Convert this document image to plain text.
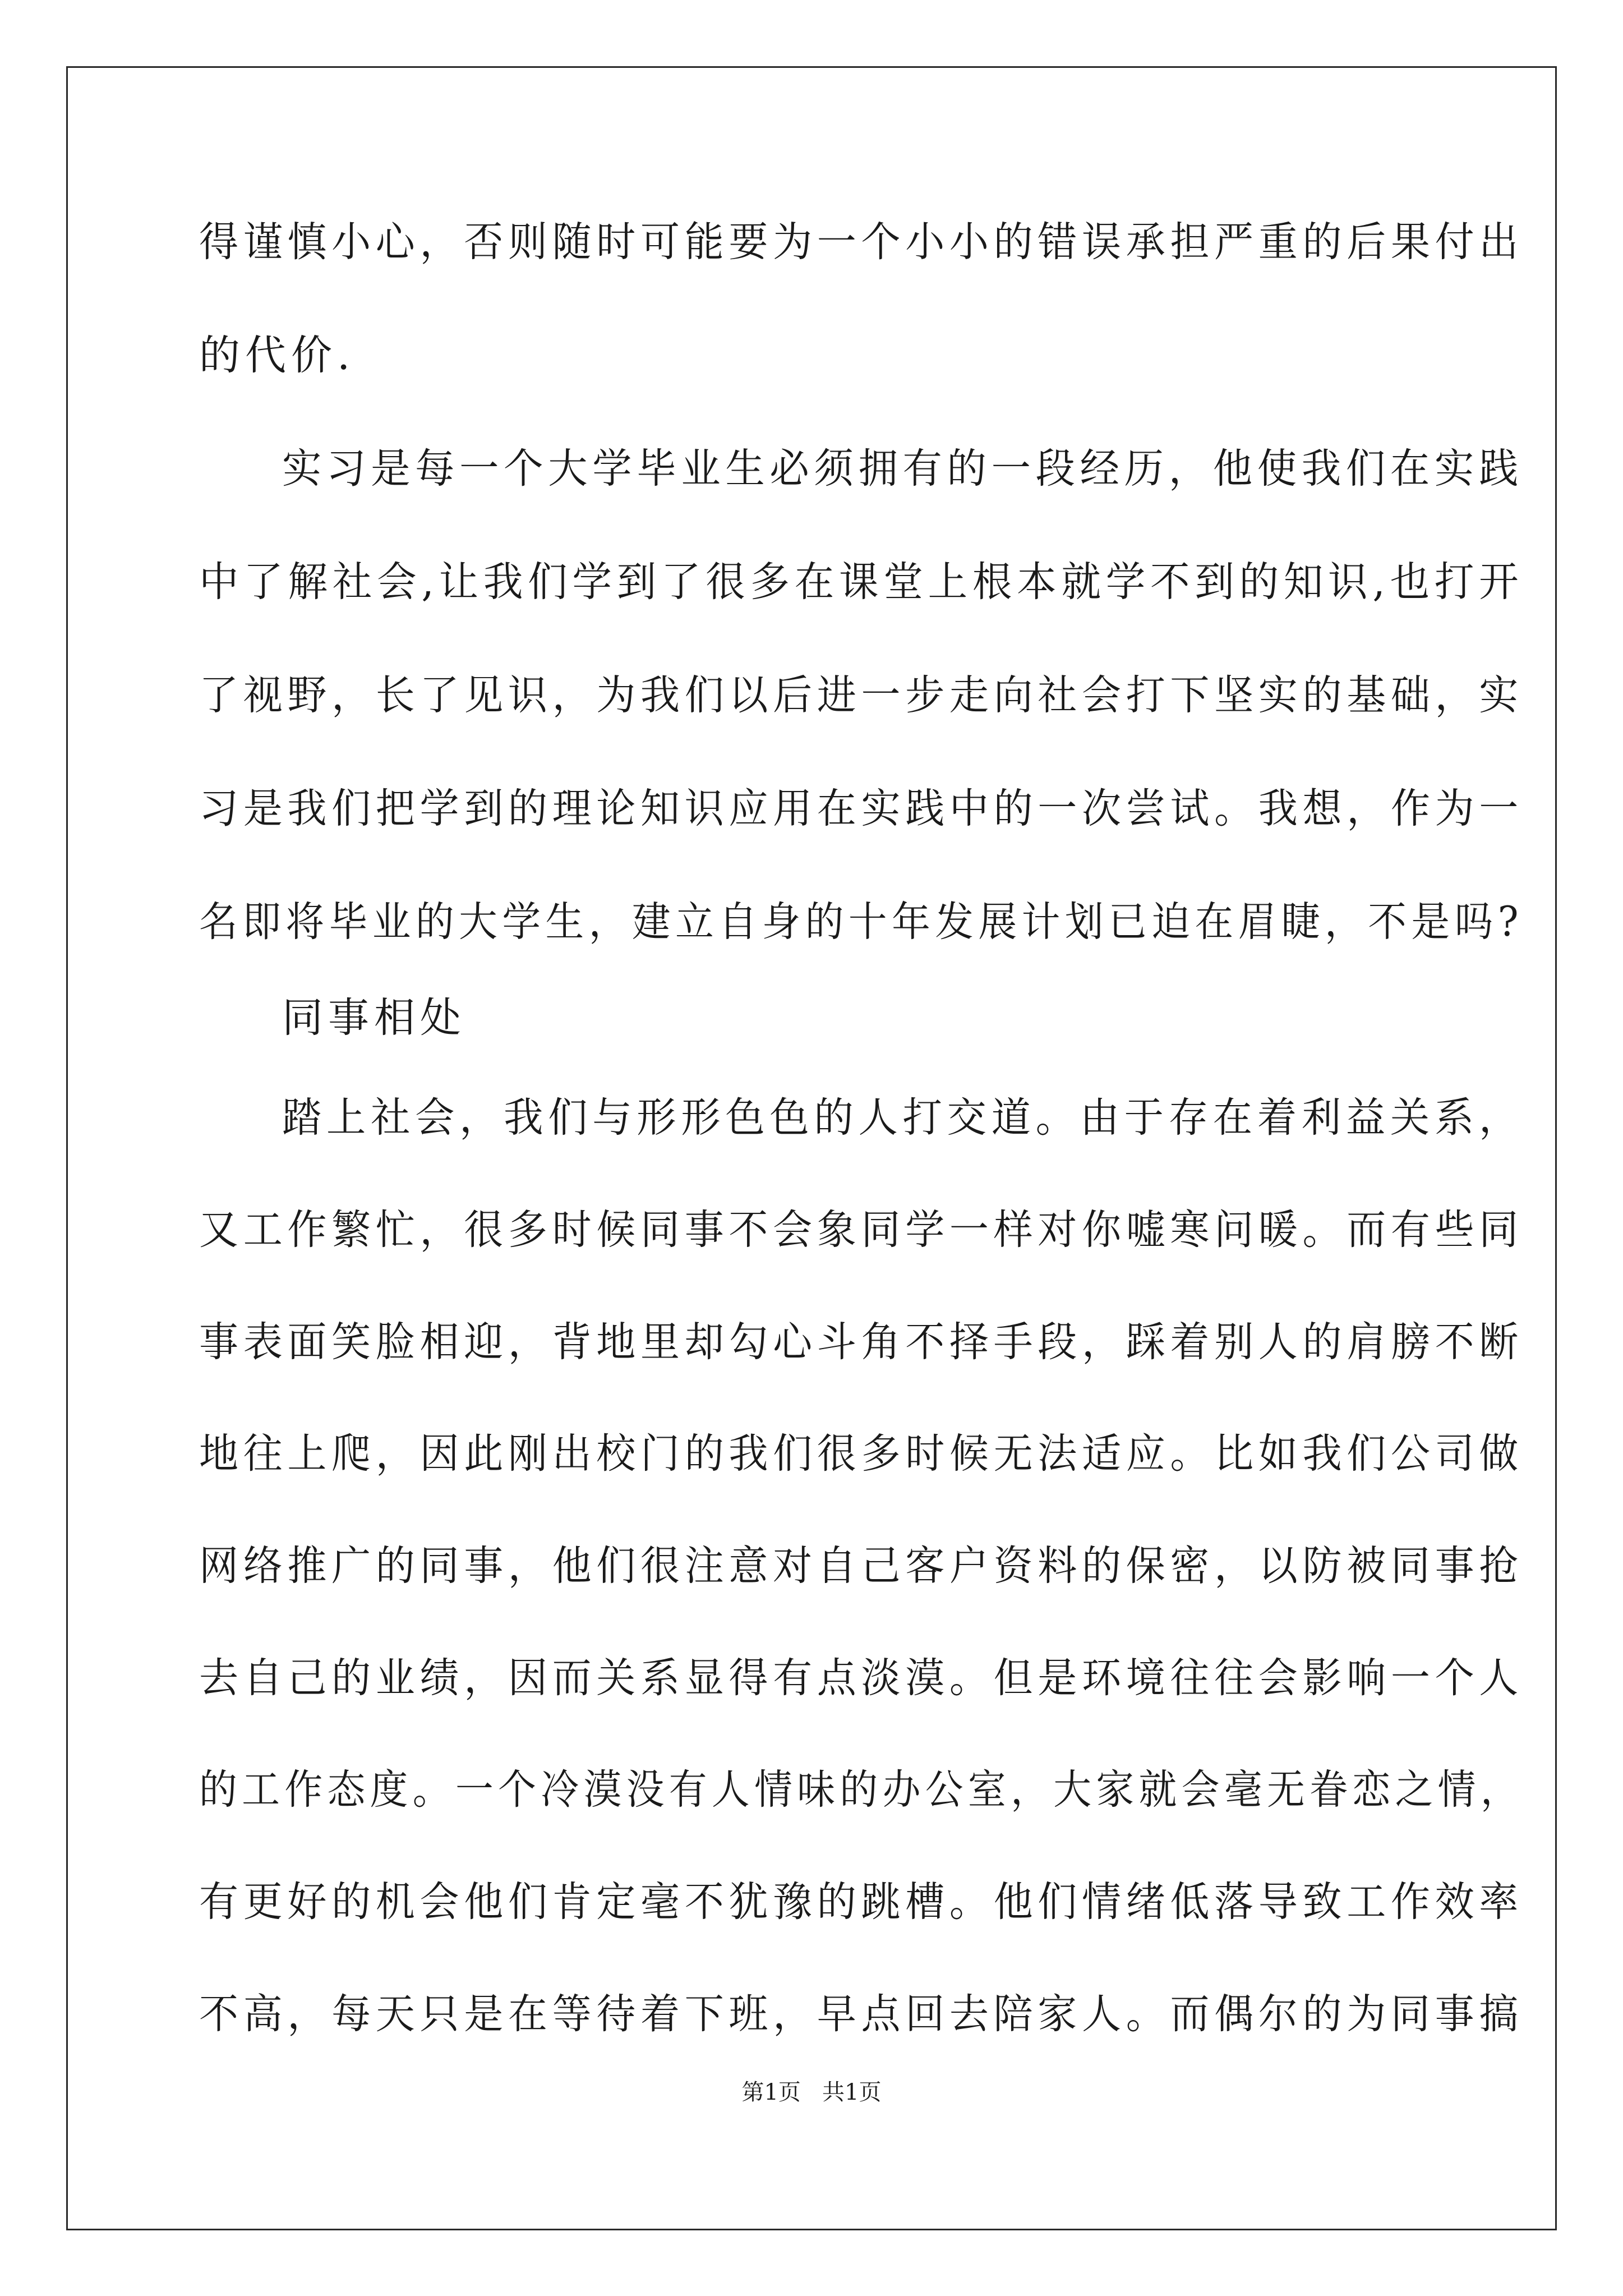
得谨慎小心，否则随时可能要为一个小小的错误承担严重的后果付出
的代价.
实习是每一个大学毕业生必须拥有的一段经历，他使我们在实践
中了解社会,让我们学到了很多在课堂上根本就学不到的知识,也打开
了视野，长了见识，为我们以后进一步走向社会打下坚实的基础，实
习是我们把学到的理论知识应用在实践中的一次尝试。我想，作为一
名即将毕业的大学生，建立自身的十年发展计划已迫在眉睫，不是吗?
同事相处
踏上社会，我们与形形色色的人打交道。由于存在着利益关系，
又工作繁忙，很多时候同事不会象同学一样对你嘘寒问暖。而有些同
事表面笑脸相迎，背地里却勾心斗角不择手段，踩着别人的肩膀不断
地往上爬，因此刚出校门的我们很多时候无法适应。比如我们公司做
网络推广的同事，他们很注意对自己客户资料的保密，以防被同事抢
去自己的业绩，因而关系显得有点淡漠。但是环境往往会影响一个人
的工作态度。一个冷漠没有人情味的办公室，大家就会毫无眷恋之情，
有更好的机会他们肯定毫不犹豫的跳槽。他们情绪低落导致工作效率
不高，每天只是在等待着下班，早点回去陪家人。而偶尔的为同事搞
第1页   共1页
